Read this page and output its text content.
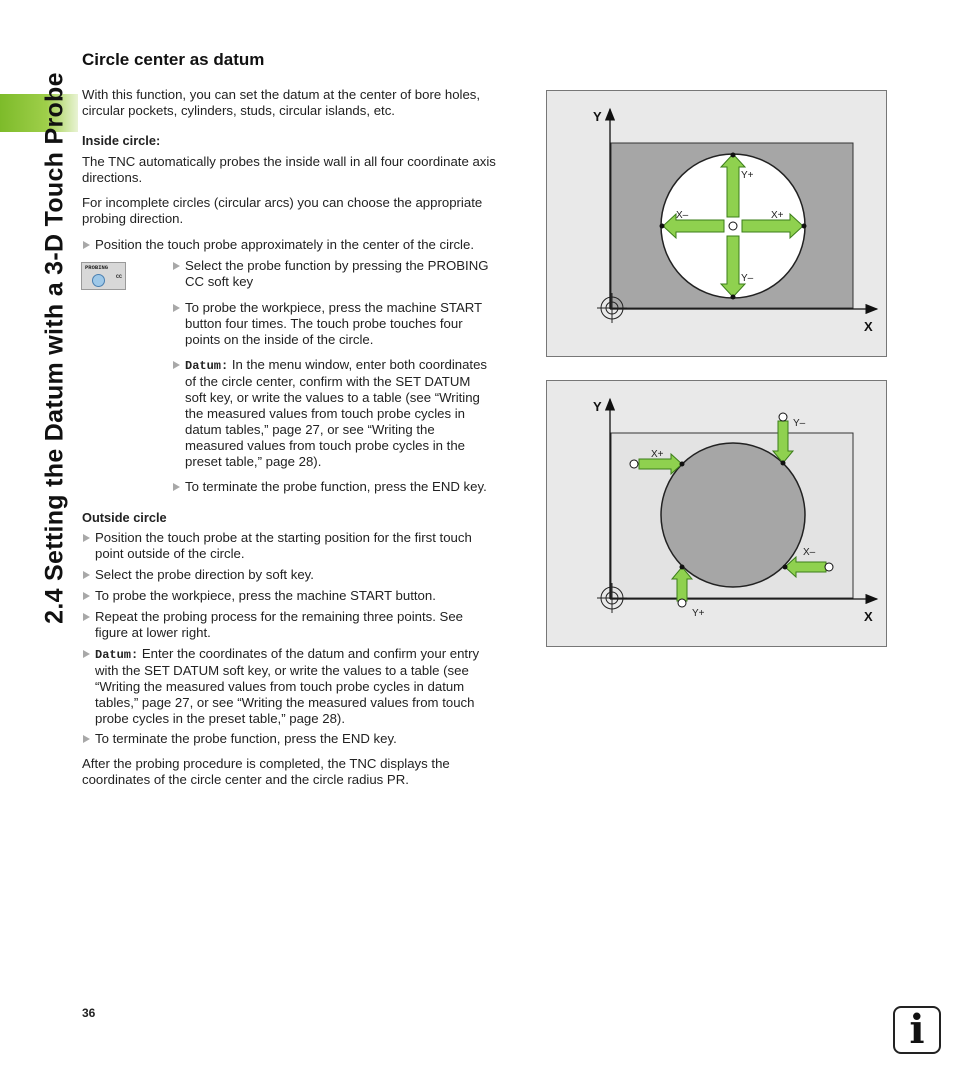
2.4 Setting the Datum with a 3-D Touch Probe
Circle center as datum
With this function, you can set the datum at the center of bore holes,
circular pockets, cylinders, studs, circular islands, etc.
Inside circle:
The TNC automatically probes the inside wall in all four coordinate axis
directions.
For incomplete circles (circular arcs) you can choose the appropriate
probing direction.
Position the touch probe approximately in the center of the circle.
PROBING
CC
Select the probe function by pressing the PROBING
CC soft key
To probe the workpiece, press the machine START
button four times. The touch probe touches four
points on the inside of the circle.
Datum: In the menu window, enter both coordinates
of the circle center, confirm with the SET DATUM
soft key, or write the values to a table (see “Writing
the measured values from touch probe cycles in
datum tables,” page 27, or see “Writing the
measured values from touch probe cycles in the
preset table,” page 28).
To terminate the probe function, press the END key.
Outside circle
Position the touch probe at the starting position for the first touch
point outside of the circle.
Select the probe direction by soft key.
To probe the workpiece, press the machine START button.
Repeat the probing process for the remaining three points. See
figure at lower right.
Datum: Enter the coordinates of the datum and confirm your entry
with the SET DATUM soft key, or write the values to a table (see
“Writing the measured values from touch probe cycles in datum
tables,” page 27, or see “Writing the measured values from touch
probe cycles in the preset table,” page 28).
To terminate the probe function, press the END key.
After the probing procedure is completed, the TNC displays the
coordinates of the circle center and the circle radius PR.
Y
X
Y+
Y–
X–	X+
Y
X
X+
Y–
X–
Y+
36	i
